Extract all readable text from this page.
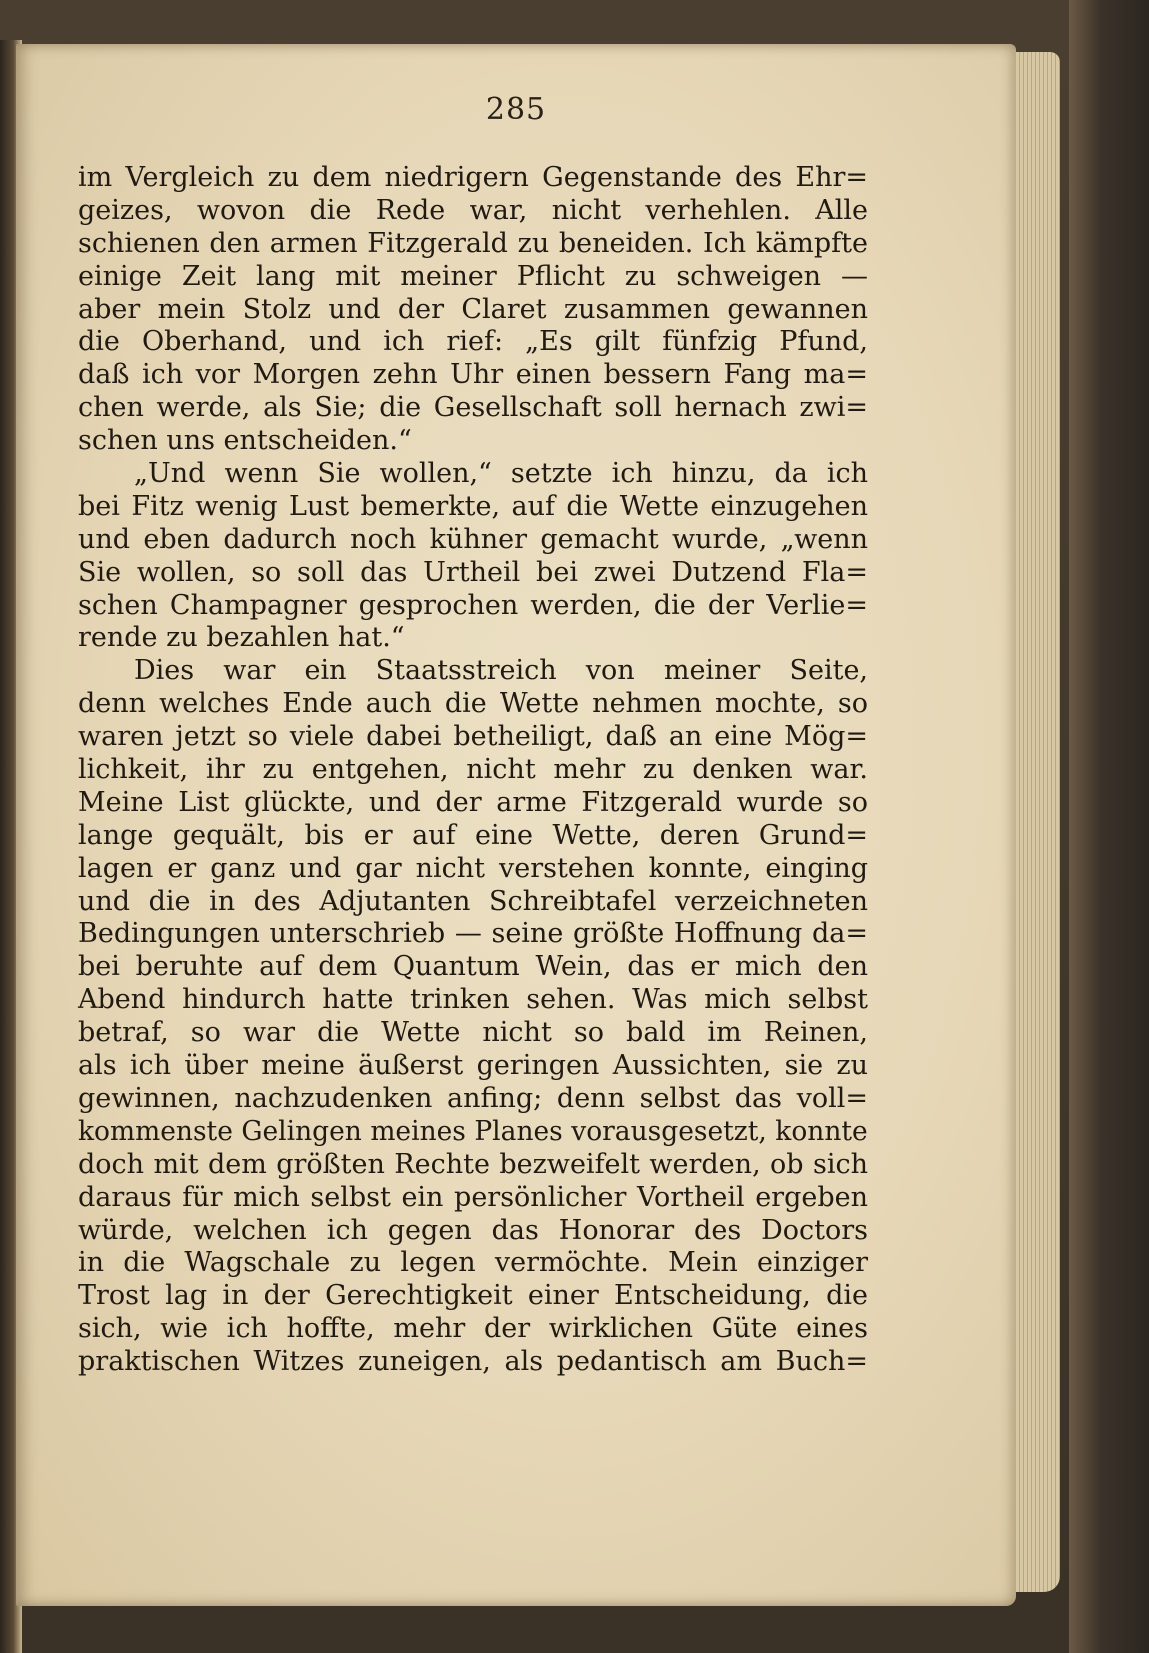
285
im Vergleich zu dem niedrigern Gegenstande des Ehr=
geizes, wovon die Rede war, nicht verhehlen. Alle
schienen den armen Fitzgerald zu beneiden. Ich kämpfte
einige Zeit lang mit meiner Pflicht zu schweigen —
aber mein Stolz und der Claret zusammen gewannen
die Oberhand, und ich rief: „Es gilt fünfzig Pfund,
daß ich vor Morgen zehn Uhr einen bessern Fang ma=
chen werde, als Sie; die Gesellschaft soll hernach zwi=
schen uns entscheiden.“
„Und wenn Sie wollen,“ setzte ich hinzu, da ich
bei Fitz wenig Lust bemerkte, auf die Wette einzugehen
und eben dadurch noch kühner gemacht wurde, „wenn
Sie wollen, so soll das Urtheil bei zwei Dutzend Fla=
schen Champagner gesprochen werden, die der Verlie=
rende zu bezahlen hat.“
Dies war ein Staatsstreich von meiner Seite,
denn welches Ende auch die Wette nehmen mochte, so
waren jetzt so viele dabei betheiligt, daß an eine Mög=
lichkeit, ihr zu entgehen, nicht mehr zu denken war.
Meine List glückte, und der arme Fitzgerald wurde so
lange gequält, bis er auf eine Wette, deren Grund=
lagen er ganz und gar nicht verstehen konnte, einging
und die in des Adjutanten Schreibtafel verzeichneten
Bedingungen unterschrieb — seine größte Hoffnung da=
bei beruhte auf dem Quantum Wein, das er mich den
Abend hindurch hatte trinken sehen. Was mich selbst
betraf, so war die Wette nicht so bald im Reinen,
als ich über meine äußerst geringen Aussichten, sie zu
gewinnen, nachzudenken anfing; denn selbst das voll=
kommenste Gelingen meines Planes vorausgesetzt, konnte
doch mit dem größten Rechte bezweifelt werden, ob sich
daraus für mich selbst ein persönlicher Vortheil ergeben
würde, welchen ich gegen das Honorar des Doctors
in die Wagschale zu legen vermöchte. Mein einziger
Trost lag in der Gerechtigkeit einer Entscheidung, die
sich, wie ich hoffte, mehr der wirklichen Güte eines
praktischen Witzes zuneigen, als pedantisch am Buch=
